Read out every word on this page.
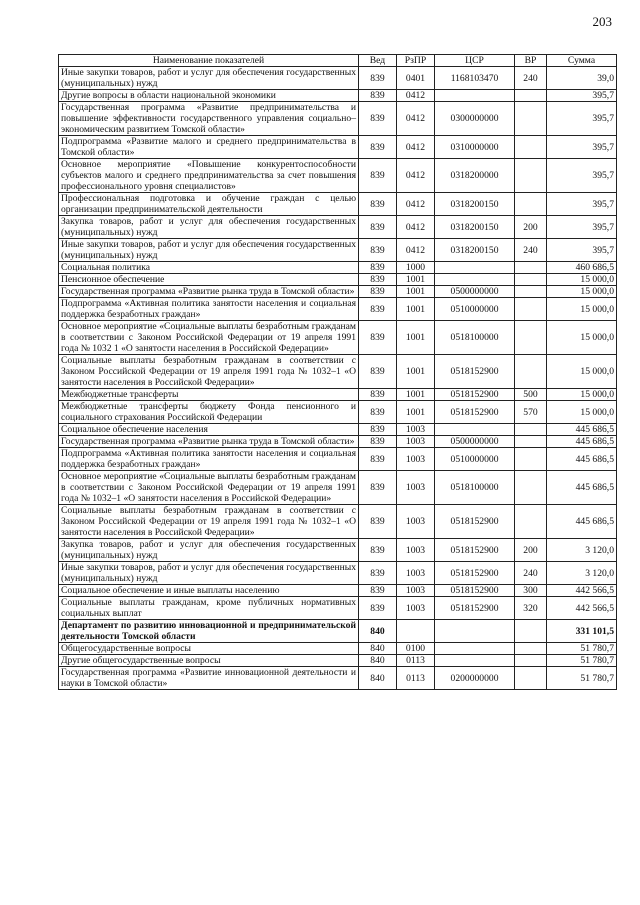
203
Наименование показателей	Вед	РзПР	ЦСР	ВР	Сумма
Иные закупки товаров, работ и услуг для обеспечения государственных (муниципальных) нужд	839	0401	1168103470	240	39,0
Другие вопросы в области национальной экономики	839	0412			395,7
Государственная программа «Развитие предпринимательства и повышение эффективности государственного управления социально–экономическим развитием Томской области»	839	0412	0300000000		395,7
Подпрограмма «Развитие малого и среднего предпринимательства в Томской области»	839	0412	0310000000		395,7
Основное мероприятие «Повышение конкурентоспособности субъектов малого и среднего предпринимательства за счет повышения профессионального уровня специалистов»	839	0412	0318200000		395,7
Профессиональная подготовка и обучение граждан с целью организации предпринимательской деятельности	839	0412	0318200150		395,7
Закупка товаров, работ и услуг для обеспечения государственных (муниципальных) нужд	839	0412	0318200150	200	395,7
Иные закупки товаров, работ и услуг для обеспечения государственных (муниципальных) нужд	839	0412	0318200150	240	395,7
Социальная политика	839	1000			460 686,5
Пенсионное обеспечение	839	1001			15 000,0
Государственная программа «Развитие рынка труда в Томской области»	839	1001	0500000000		15 000,0
Подпрограмма «Активная политика занятости населения и социальная поддержка безработных граждан»	839	1001	0510000000		15 000,0
Основное мероприятие «Социальные выплаты безработным гражданам в соответствии с Законом Российской Федерации от 19 апреля 1991 года № 1032 1 «О занятости населения в Российской Федерации»	839	1001	0518100000		15 000,0
Социальные выплаты безработным гражданам в соответствии с Законом Российской Федерации от 19 апреля 1991 года № 1032–1 «О занятости населения в Российской Федерации»	839	1001	0518152900		15 000,0
Межбюджетные трансферты	839	1001	0518152900	500	15 000,0
Межбюджетные трансферты бюджету Фонда пенсионного и социального страхования Российской Федерации	839	1001	0518152900	570	15 000,0
Социальное обеспечение населения	839	1003			445 686,5
Государственная программа «Развитие рынка труда в Томской области»	839	1003	0500000000		445 686,5
Подпрограмма «Активная политика занятости населения и социальная поддержка безработных граждан»	839	1003	0510000000		445 686,5
Основное мероприятие «Социальные выплаты безработным гражданам в соответствии с Законом Российской Федерации от 19 апреля 1991 года № 1032–1 «О занятости населения в Российской Федерации»	839	1003	0518100000		445 686,5
Социальные выплаты безработным гражданам в соответствии с Законом Российской Федерации от 19 апреля 1991 года № 1032–1 «О занятости населения в Российской Федерации»	839	1003	0518152900		445 686,5
Закупка товаров, работ и услуг для обеспечения государственных (муниципальных) нужд	839	1003	0518152900	200	3 120,0
Иные закупки товаров, работ и услуг для обеспечения государственных (муниципальных) нужд	839	1003	0518152900	240	3 120,0
Социальное обеспечение и иные выплаты населению	839	1003	0518152900	300	442 566,5
Социальные выплаты гражданам, кроме публичных нормативных социальных выплат	839	1003	0518152900	320	442 566,5
Департамент по развитию инновационной и предпринимательской деятельности Томской области	840				331 101,5
Общегосударственные вопросы	840	0100			51 780,7
Другие общегосударственные вопросы	840	0113			51 780,7
Государственная программа «Развитие инновационной деятельности и науки в Томской области»	840	0113	0200000000		51 780,7
